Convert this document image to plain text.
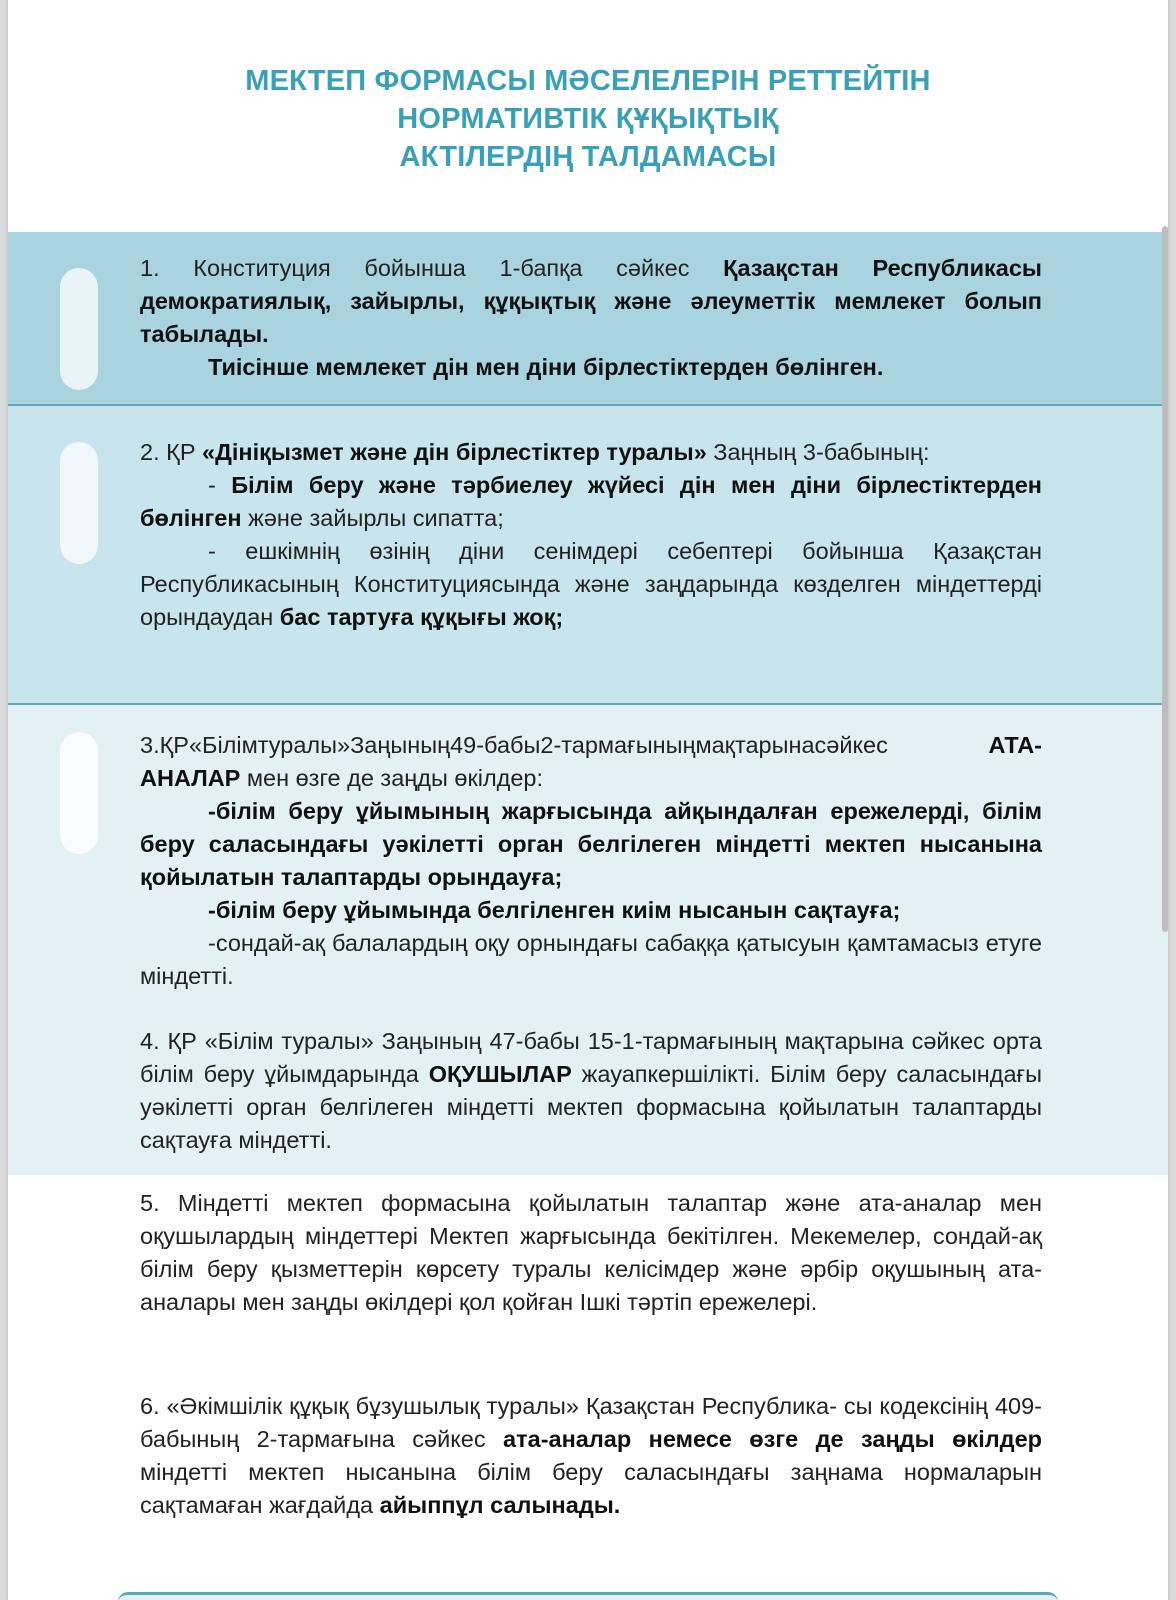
МЕКТЕП ФОРМАСЫ МӘСЕЛЕЛЕРІН РЕТТЕЙТІН
НОРМАТИВТІК ҚҰҚЫҚТЫҚ
АКТІЛЕРДІҢ ТАЛДАМАСЫ
1. Конституция бойынша 1-бапқа сәйкес Қазақстан Республикасы демократиялық, зайырлы, құқықтық және әлеуметтік мемлекет болып табылады.
Тиісінше мемлекет дін мен діни бірлестіктерден бөлінген.
2. ҚР «Дініқызмет және дін бірлестіктер туралы» Заңның 3-бабының:
- Білім беру және тәрбиелеу жүйесі дін мен діни бірлестіктерден бөлінген және зайырлы сипатта;
- ешкімнің өзінің діни сенімдері себептері бойынша Қазақстан Республикасының Конституциясында және заңдарында көзделген міндеттерді орындаудан бас тартуға құқығы жоқ;
3.ҚР«Білімтуралы»Заңының49-бабы2-тармағыныңмақтарынасәйкес АТА-АНАЛАР мен өзге де заңды өкілдер:
-білім беру ұйымының жарғысында айқындалған ережелерді, білім беру саласындағы уәкілетті орган белгілеген міндетті мектеп нысанына қойылатын талаптарды орындауға;
-білім беру ұйымында белгіленген киім нысанын сақтауға;
-сондай-ақ балалардың оқу орнындағы сабаққа қатысуын қамтамасыз етуге міндетті.
4. ҚР «Білім туралы» Заңының 47-бабы 15-1-тармағының мақтарына сәйкес орта білім беру ұйымдарында ОҚУШЫЛАР жауапкершілікті. Білім беру саласындағы уәкілетті орган белгілеген міндетті мектеп формасына қойылатын талаптарды сақтауға міндетті.
5. Міндетті мектеп формасына қойылатын талаптар және ата-аналар мен оқушылардың міндеттері Мектеп жарғысында бекітілген. Мекемелер, сондай-ақ білім беру қызметтерін көрсету туралы келісімдер және әрбір оқушының ата-аналары мен заңды өкілдері қол қойған Ішкі тәртіп ережелері.
6. «Әкімшілік құқық бұзушылық туралы» Қазақстан Республика- сы кодексінің 409-бабының 2-тармағына сәйкес ата-аналар немесе өзге де заңды өкілдер міндетті мектеп нысанына білім беру саласындағы заңнама нормаларын сақтамаған жағдайда айыппұл салынады.
